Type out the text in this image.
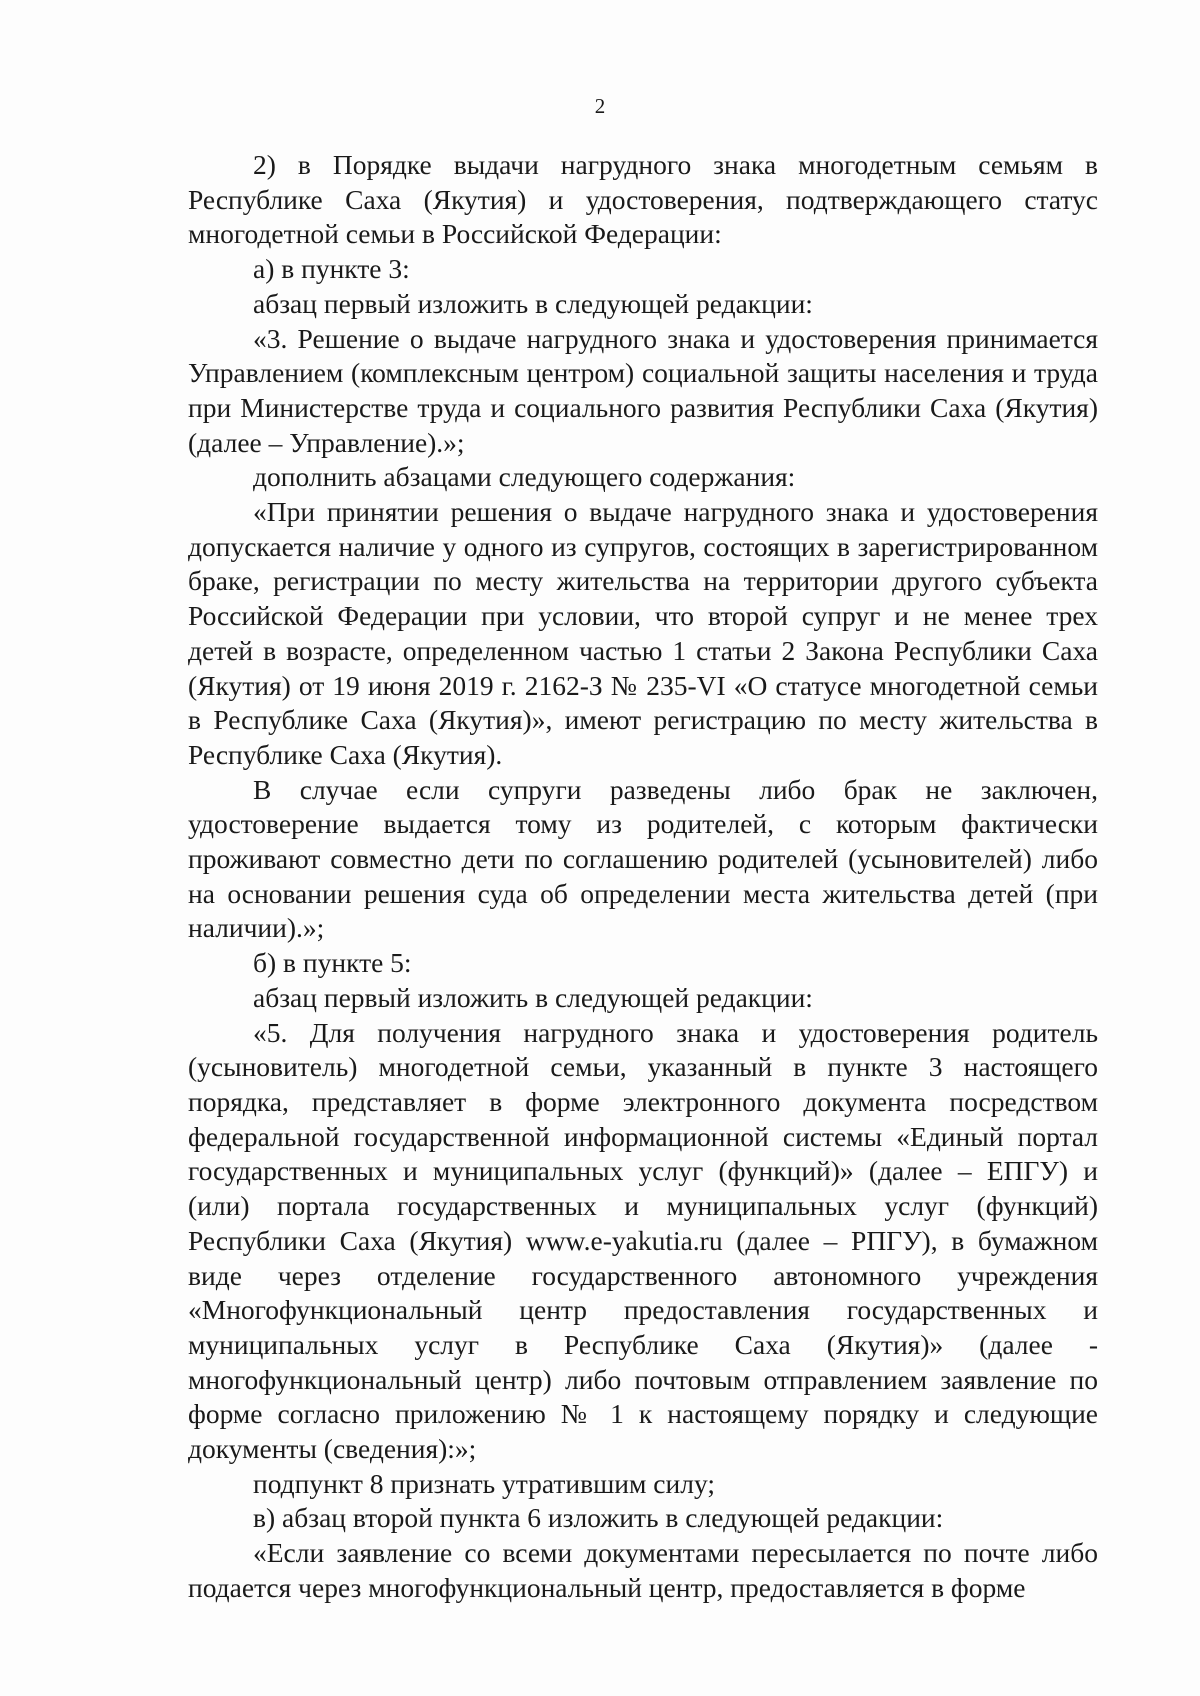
2

2) в Порядке выдачи нагрудного знака многодетным семьям в Республике Саха (Якутия) и удостоверения, подтверждающего статус многодетной семьи в Российской Федерации:

а) в пункте 3:

абзац первый изложить в следующей редакции:

«3. Решение о выдаче нагрудного знака и удостоверения принимается Управлением (комплексным центром) социальной защиты населения и труда при Министерстве труда и социального развития Республики Саха (Якутия) (далее – Управление).»;

дополнить абзацами следующего содержания:

«При принятии решения о выдаче нагрудного знака и удостоверения допускается наличие у одного из супругов, состоящих в зарегистрированном браке, регистрации по месту жительства на территории другого субъекта Российской Федерации при условии, что второй супруг и не менее трех детей в возрасте, определенном частью 1 статьи 2 Закона Республики Саха (Якутия) от 19 июня 2019 г. 2162-З № 235-VI «О статусе многодетной семьи в Республике Саха (Якутия)», имеют регистрацию по месту жительства в Республике Саха (Якутия).

В случае если супруги разведены либо брак не заключен, удостоверение выдается тому из родителей, с которым фактически проживают совместно дети по соглашению родителей (усыновителей) либо на основании решения суда об определении места жительства детей (при наличии).»;

б) в пункте 5:

абзац первый изложить в следующей редакции:

«5. Для получения нагрудного знака и удостоверения родитель (усыновитель) многодетной семьи, указанный в пункте 3 настоящего порядка, представляет в форме электронного документа посредством федеральной государственной информационной системы «Единый портал государственных и муниципальных услуг (функций)» (далее – ЕПГУ) и (или) портала государственных и муниципальных услуг (функций) Республики Саха (Якутия) www.e-yakutia.ru (далее – РПГУ), в бумажном виде через отделение государственного автономного учреждения «Многофункциональный центр предоставления государственных и муниципальных услуг в Республике Саха (Якутия)» (далее - многофункциональный центр) либо почтовым отправлением заявление по форме согласно приложению № 1 к настоящему порядку и следующие документы (сведения):»;

подпункт 8 признать утратившим силу;

в) абзац второй пункта 6 изложить в следующей редакции:

«Если заявление со всеми документами пересылается по почте либо подается через многофункциональный центр, предоставляется в форме
